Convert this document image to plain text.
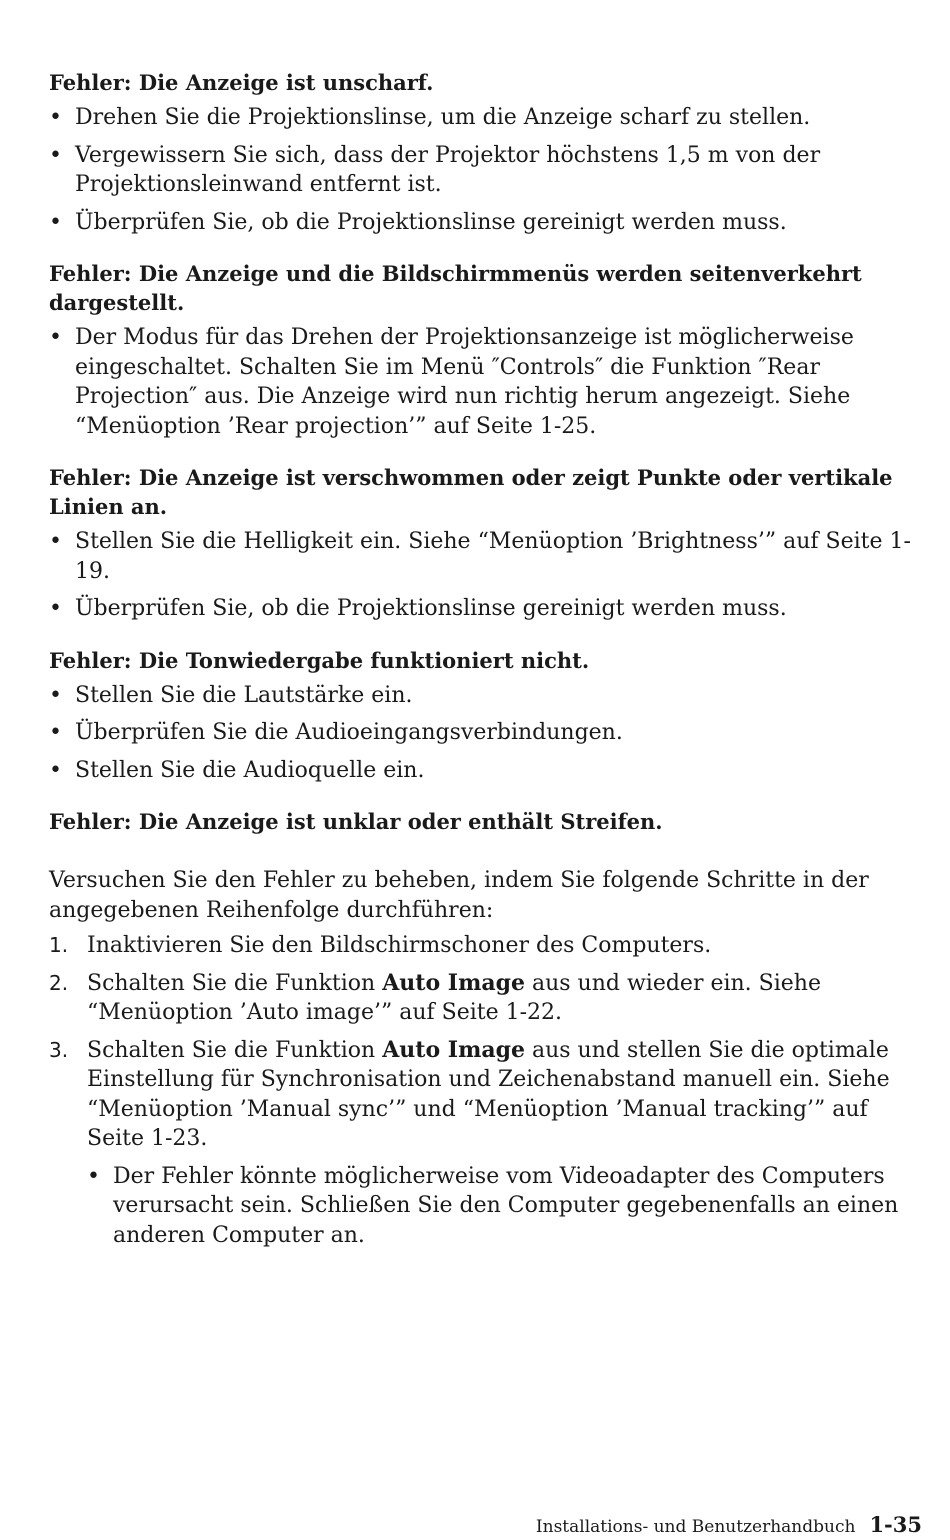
Fehler: Die Anzeige ist unscharf.

• Drehen Sie die Projektionslinse, um die Anzeige scharf zu stellen.
• Vergewissern Sie sich, dass der Projektor höchstens 1,5 m von der Projektionsleinwand entfernt ist.
• Überprüfen Sie, ob die Projektionslinse gereinigt werden muss.

Fehler: Die Anzeige und die Bildschirmmenüs werden seitenverkehrt dargestellt.

• Der Modus für das Drehen der Projektionsanzeige ist möglicherweise eingeschaltet. Schalten Sie im Menü ″Controls″ die Funktion ″Rear Projection″ aus. Die Anzeige wird nun richtig herum angezeigt. Siehe “Menüoption ’Rear projection’” auf Seite 1-25.

Fehler: Die Anzeige ist verschwommen oder zeigt Punkte oder vertikale Linien an.

• Stellen Sie die Helligkeit ein. Siehe “Menüoption ’Brightness’” auf Seite 1-19.
• Überprüfen Sie, ob die Projektionslinse gereinigt werden muss.

Fehler: Die Tonwiedergabe funktioniert nicht.

• Stellen Sie die Lautstärke ein.
• Überprüfen Sie die Audioeingangsverbindungen.
• Stellen Sie die Audioquelle ein.

Fehler: Die Anzeige ist unklar oder enthält Streifen.

Versuchen Sie den Fehler zu beheben, indem Sie folgende Schritte in der angegebenen Reihenfolge durchführen:

1. Inaktivieren Sie den Bildschirmschoner des Computers.
2. Schalten Sie die Funktion Auto Image aus und wieder ein. Siehe “Menüoption ’Auto image’” auf Seite 1-22.
3. Schalten Sie die Funktion Auto Image aus und stellen Sie die optimale Einstellung für Synchronisation und Zeichenabstand manuell ein. Siehe “Menüoption ’Manual sync’” und “Menüoption ’Manual tracking’” auf Seite 1-23.
• Der Fehler könnte möglicherweise vom Videoadapter des Computers verursacht sein. Schließen Sie den Computer gegebenenfalls an einen anderen Computer an.
Installations- und Benutzerhandbuch 1-35
